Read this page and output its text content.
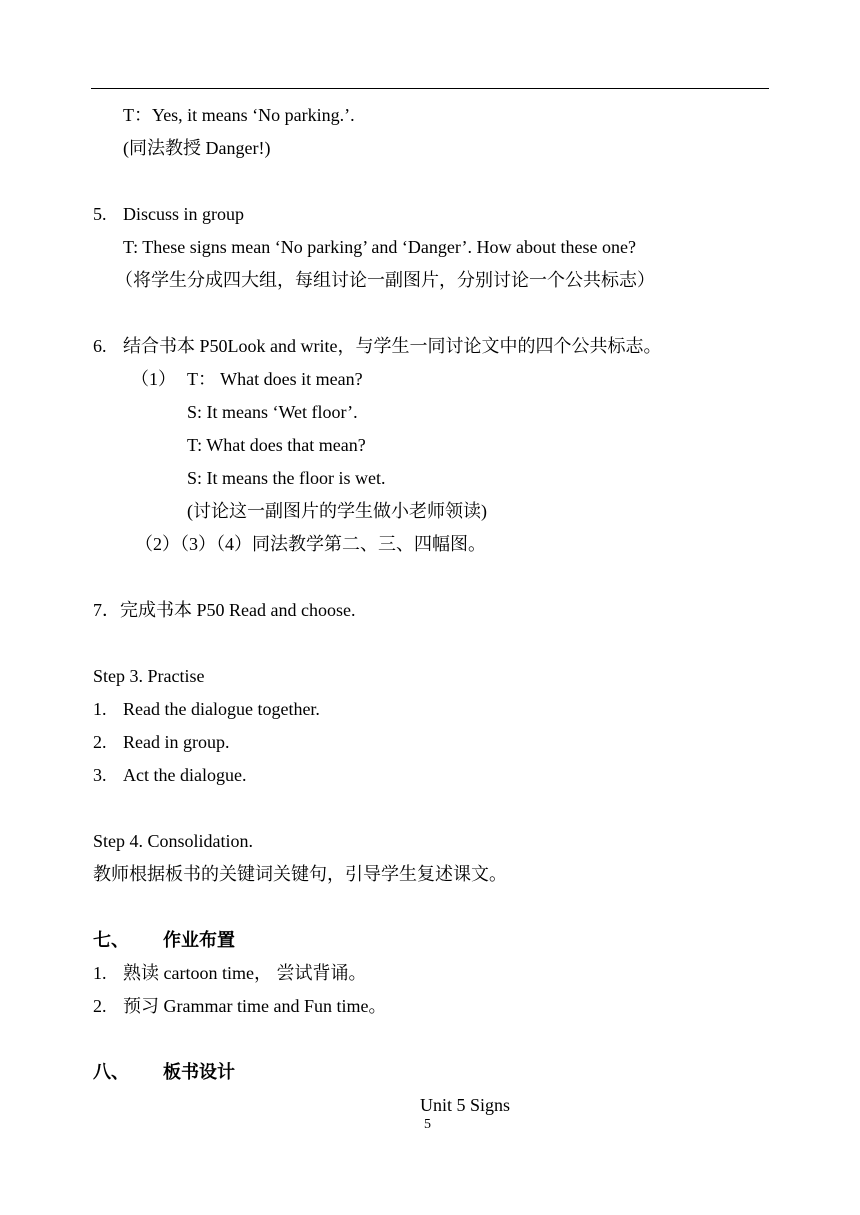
T：Yes, it means ‘No parking.’.
(同法教授 Danger!)
5. Discuss in group
T: These signs mean ‘No parking’ and ‘Danger’. How about these one?
（将学生分成四大组，每组讨论一副图片，分别讨论一个公共标志）
6. 结合书本 P50Look and write，与学生一同讨论文中的四个公共标志。
（1） T： What does it mean?
S: It means ‘Wet floor’.
T: What does that mean?
S: It means the floor is wet.
(讨论这一副图片的学生做小老师领读)
（2）（3）（4）同法教学第二、三、四幅图。
7．完成书本 P50 Read and choose.
Step 3. Practise
1. Read the dialogue together.
2. Read in group.
3. Act the dialogue.
Step 4. Consolidation.
教师根据板书的关键词关键句，引导学生复述课文。
七、 作业布置
1. 熟读 cartoon time， 尝试背诵。
2. 预习 Grammar time and Fun time。
八、 板书设计
Unit 5 Signs
5
